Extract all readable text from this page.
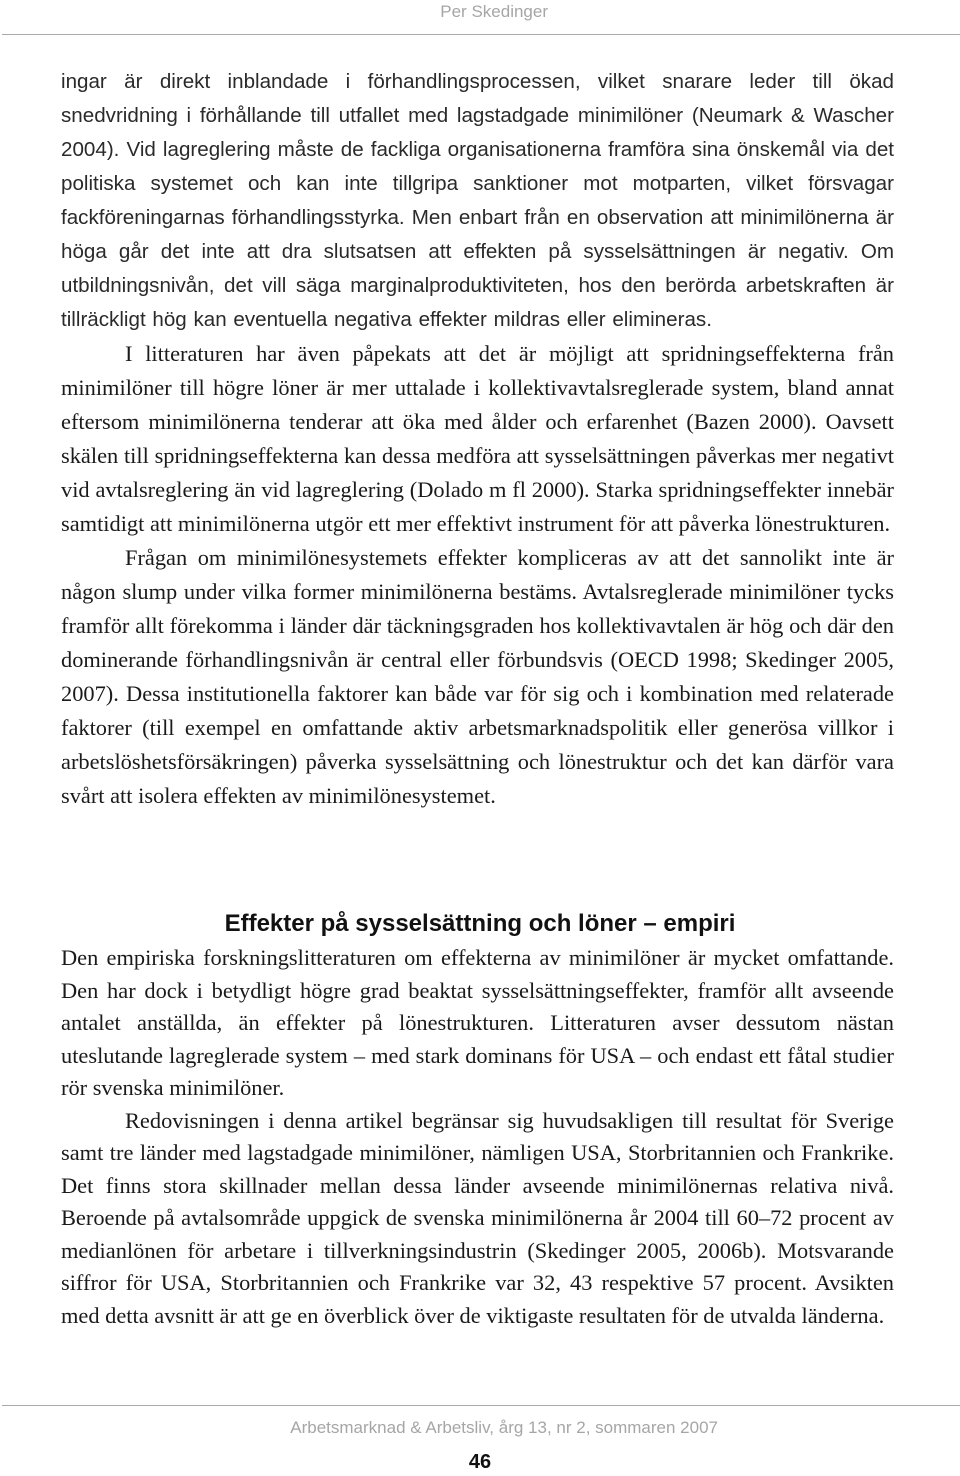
Per Skedinger

ingar är direkt inblandade i förhandlingsprocessen, vilket snarare leder till ökad snedvridning i förhållande till utfallet med lagstadgade minimilöner (Neumark & Wascher 2004). Vid lagreglering måste de fackliga organisationerna framföra sina önskemål via det politiska systemet och kan inte tillgripa sanktioner mot motparten, vilket försvagar fackföreningarnas förhandlingsstyrka. Men enbart från en observation att minimilönerna är höga går det inte att dra slutsatsen att effekten på sysselsättningen är negativ. Om utbildningsnivån, det vill säga marginalproduktiviteten, hos den berörda arbetskraften är tillräckligt hög kan eventuella negativa effekter mildras eller elimineras.

I litteraturen har även påpekats att det är möjligt att spridningseffekterna från minimilöner till högre löner är mer uttalade i kollektivavtalsreglerade system, bland annat eftersom minimilönerna tenderar att öka med ålder och erfarenhet (Bazen 2000). Oavsett skälen till spridningseffekterna kan dessa medföra att sysselsättningen påverkas mer negativt vid avtalsreglering än vid lagreglering (Dolado m fl 2000). Starka spridningseffekter innebär samtidigt att minimilönerna utgör ett mer effektivt instrument för att påverka lönestrukturen.

Frågan om minimilönesystemets effekter kompliceras av att det sannolikt inte är någon slump under vilka former minimilönerna bestäms. Avtalsreglerade minimilöner tycks framför allt förekomma i länder där täckningsgraden hos kollektivavtalen är hög och där den dominerande förhandlingsnivån är central eller förbundsvis (OECD 1998; Skedinger 2005, 2007). Dessa institutionella faktorer kan både var för sig och i kombination med relaterade faktorer (till exempel en omfattande aktiv arbetsmarknadspolitik eller generösa villkor i arbetslöshetsförsäkringen) påverka sysselsättning och lönestruktur och det kan därför vara svårt att isolera effekten av minimilönesystemet.

Effekter på sysselsättning och löner – empiri

Den empiriska forskningslitteraturen om effekterna av minimilöner är mycket omfattande. Den har dock i betydligt högre grad beaktat sysselsättningseffekter, framför allt avseende antalet anställda, än effekter på lönestrukturen. Litteraturen avser dessutom nästan uteslutande lagreglerade system – med stark dominans för USA – och endast ett fåtal studier rör svenska minimilöner.

Redovisningen i denna artikel begränsar sig huvudsakligen till resultat för Sverige samt tre länder med lagstadgade minimilöner, nämligen USA, Storbritannien och Frankrike. Det finns stora skillnader mellan dessa länder avseende minimilönernas relativa nivå. Beroende på avtalsområde uppgick de svenska minimilönerna år 2004 till 60–72 procent av medianlönen för arbetare i tillverkningsindustrin (Skedinger 2005, 2006b). Motsvarande siffror för USA, Storbritannien och Frankrike var 32, 43 respektive 57 procent. Avsikten med detta avsnitt är att ge en överblick över de viktigaste resultaten för de utvalda länderna.

Arbetsmarknad & Arbetsliv, årg 13, nr 2, sommaren 2007
46
